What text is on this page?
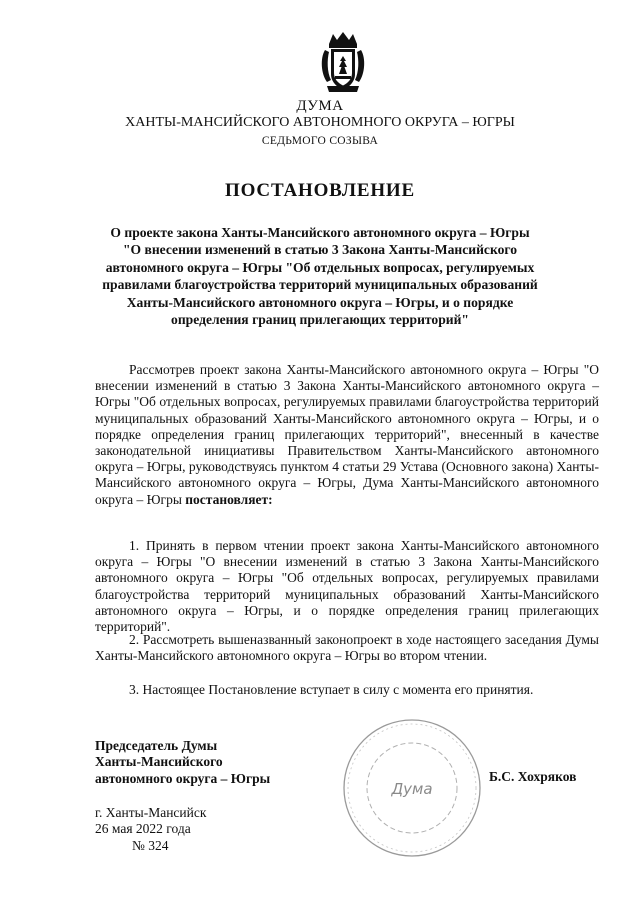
ДУМА
ХАНТЫ-МАНСИЙСКОГО АВТОНОМНОГО ОКРУГА – ЮГРЫ
СЕДЬМОГО СОЗЫВА
ПОСТАНОВЛЕНИЕ
О проекте закона Ханты-Мансийского автономного округа – Югры "О внесении изменений в статью 3 Закона Ханты-Мансийского автономного округа – Югры "Об отдельных вопросах, регулируемых правилами благоустройства территорий муниципальных образований Ханты-Мансийского автономного округа – Югры, и о порядке определения границ прилегающих территорий"

Рассмотрев проект закона Ханты-Мансийского автономного округа – Югры "О внесении изменений в статью 3 Закона Ханты-Мансийского автономного округа – Югры "Об отдельных вопросах, регулируемых правилами благоустройства территорий муниципальных образований Ханты-Мансийского автономного округа – Югры, и о порядке определения границ прилегающих территорий", внесенный в качестве законодательной инициативы Правительством Ханты-Мансийского автономного округа – Югры, руководствуясь пунктом 4 статьи 29 Устава (Основного закона) Ханты-Мансийского автономного округа – Югры, Дума Ханты-Мансийского автономного округа – Югры постановляет:

1. Принять в первом чтении проект закона Ханты-Мансийского автономного округа – Югры "О внесении изменений в статью 3 Закона Ханты-Мансийского автономного округа – Югры "Об отдельных вопросах, регулируемых правилами благоустройства территорий муниципальных образований Ханты-Мансийского автономного округа – Югры, и о порядке определения границ прилегающих территорий".

2. Рассмотреть вышеназванный законопроект в ходе настоящего заседания Думы Ханты-Мансийского автономного округа – Югры во втором чтении.

3. Настоящее Постановление вступает в силу с момента его принятия.

Председатель Думы
Ханты-Мансийского
автономного округа – Югры
Дума
Б.С. Хохряков
г. Ханты-Мансийск
26 мая 2022 года
№ 324
